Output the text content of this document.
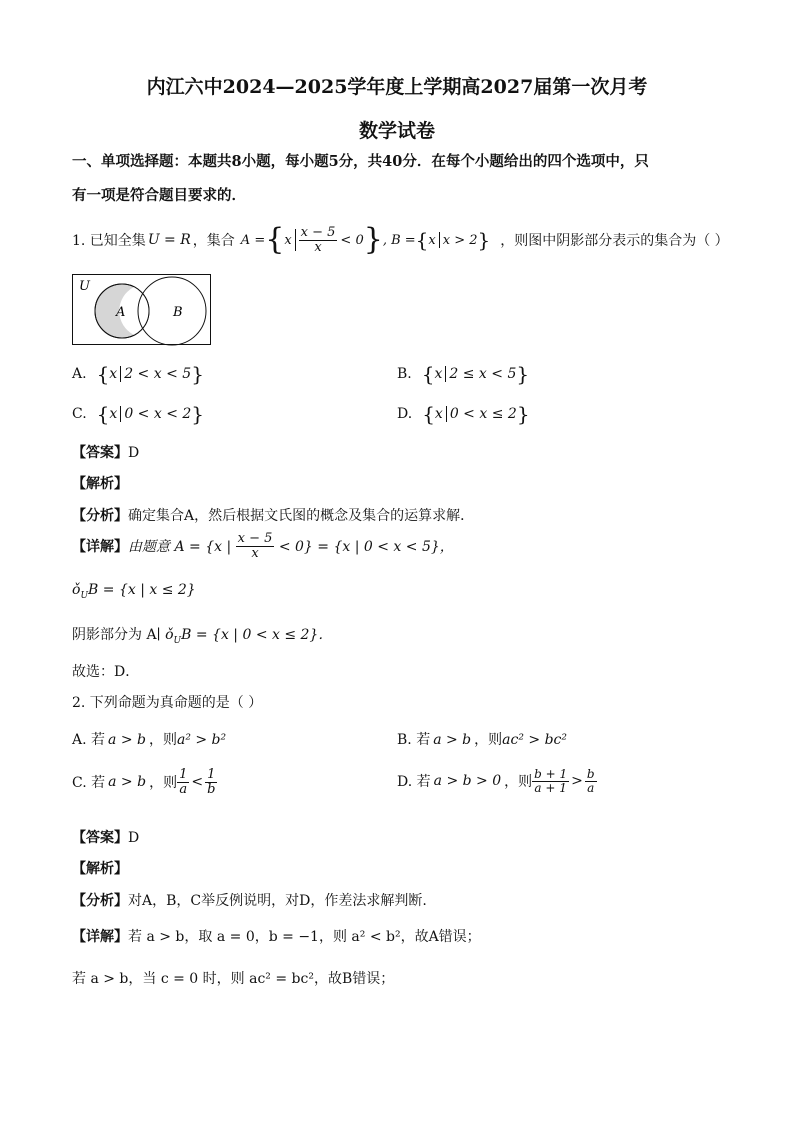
内江六中2024—2025学年度上学期高2027届第一次月考
数学试卷
一、单项选择题：本题共8小题，每小题5分，共40分．在每个小题给出的四个选项中，只
有一项是符合题目要求的．
1. 已知全集 U = R ，集合 A = { x $\frac{x - 5}{x} < 0$ } , B = { x x > 2 } ，则图中阴影部分表示的集合为（ ）
U
A	B
A. {x 2 < x < 5}	B. {x 2 ≤ x < 5}
C. {x 0 < x < 2}	D. {x 0 < x ≤ 2}
【答案】D
【解析】
【分析】确定集合A，然后根据文氏图的概念及集合的运算求解．
【详解】 由题意 A = {x | $\frac{x - 5}{x} < 0\} = \{x$ | 0 < x < 5}，
$ǒ_UB = \{x$ | x ≤ 2}
阴影部分为 A∣ $ǒ_UB = \{x$ | 0 < x ≤ 2}．
故选：D．
2. 下列命题为真命题的是（ ）
A. 若 a > b ，则a² > b²	B. 若 a > b ，则ac² > bc²
C. 若 a > b ，则 $\frac{1}{a} < \frac{1}{b}$	D. 若 a > b > 0 ，则 $\frac{b + 1}{a + 1} > \frac{b}{a}$
【答案】D
【解析】
【分析】对A，B，C举反例说明，对D，作差法求解判断.
【详解】若 a > b，取 a = 0，b = −1，则 a² < b²，故A错误；
若 a > b，当 c = 0 时，则 ac² = bc²，故B错误；
